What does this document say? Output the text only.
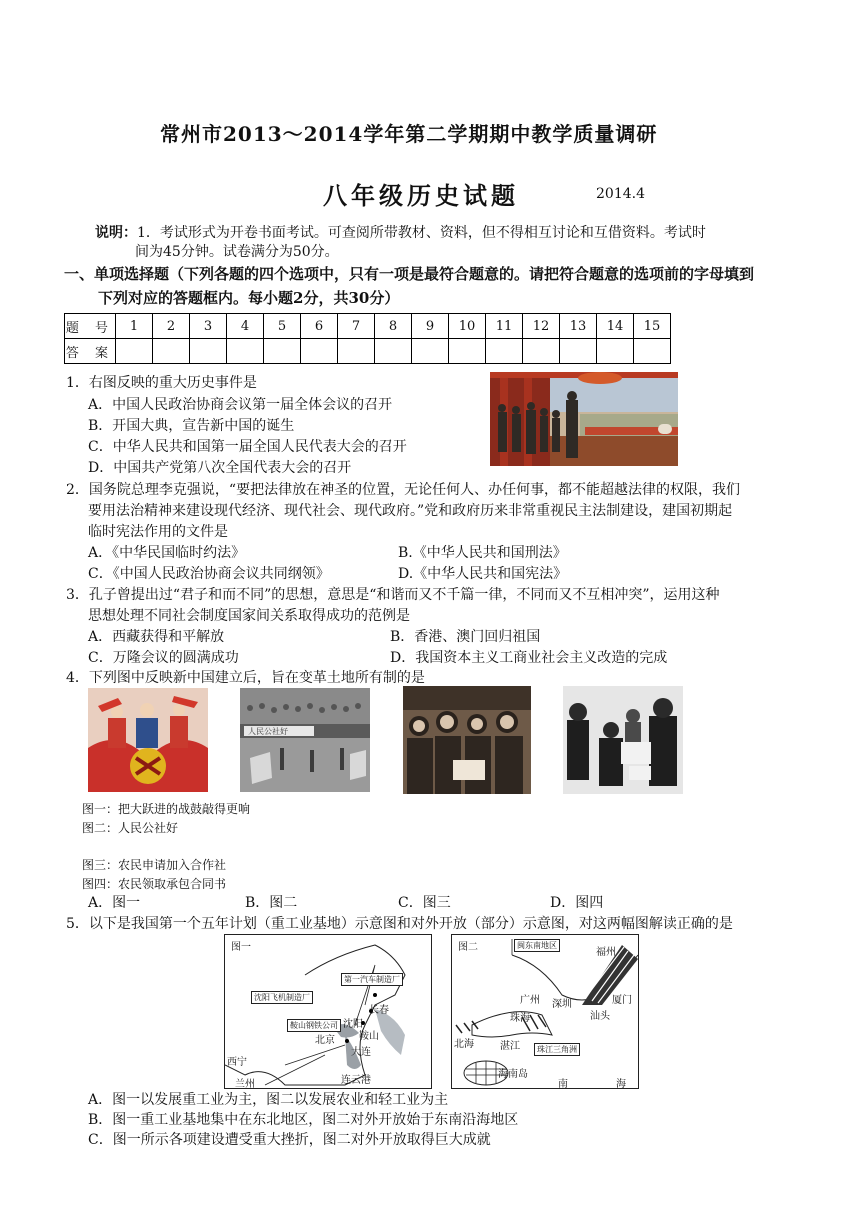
常州市2013～2014学年第二学期期中教学质量调研
八年级历史试题	2014.4
说明：1．考试形式为开卷书面考试。可查阅所带教材、资料，但不得相互讨论和互借资料。考试时
间为45分钟。试卷满分为50分。
一、单项选择题（下列各题的四个选项中，只有一项是最符合题意的。请把符合题意的选项前的字母填到
下列对应的答题框内。每小题2分，共30分）
题 号	1	2	3	4	5	6	7	8	9	10	11	12	13	14	15
答 案															
1．右图反映的重大历史事件是
A．中国人民政治协商会议第一届全体会议的召开
B．开国大典，宣告新中国的诞生
C．中华人民共和国第一届全国人民代表大会的召开
D．中国共产党第八次全国代表大会的召开
2．国务院总理李克强说，“要把法律放在神圣的位置，无论任何人、办任何事，都不能超越法律的权限，我们
要用法治精神来建设现代经济、现代社会、现代政府。”党和政府历来非常重视民主法制建设，建国初期起
临时宪法作用的文件是
A．《中华民国临时约法》	B.《中华人民共和国刑法》
C．《中国人民政治协商会议共同纲领》	D.《中华人民共和国宪法》
3．孔子曾提出过“君子和而不同”的思想，意思是“和谐而又不千篇一律，不同而又不互相冲突”，运用这种
思想处理不同社会制度国家间关系取得成功的范例是
A．西藏获得和平解放	B．香港、澳门回归祖国
C．万隆会议的圆满成功	D．我国资本主义工商业社会主义改造的完成
4．下列图中反映新中国建立后，旨在变革土地所有制的是
人民公社好
图一：把大跃进的战鼓敲得更响
图二：人民公社好
图三：农民申请加入合作社
图四：农民领取承包合同书
A．图一	B．图二	C．图三	D．图四
5．以下是我国第一个五年计划（重工业基地）示意图和对外开放（部分）示意图，对这两幅图解读正确的是
图一
第一汽车制造厂
沈阳飞机制造厂
鞍山钢铁公司
长春
沈阳
鞍山
北京
大连
西宁
兰州	连云港
图二	闽东南地区
福州
厦门
汕头
广州 深圳
珠海
湛江
北海	珠江三角洲
海南岛
南	海
A．图一以发展重工业为主，图二以发展农业和轻工业为主
B．图一重工业基地集中在东北地区，图二对外开放始于东南沿海地区
C．图一所示各项建设遭受重大挫折，图二对外开放取得巨大成就
